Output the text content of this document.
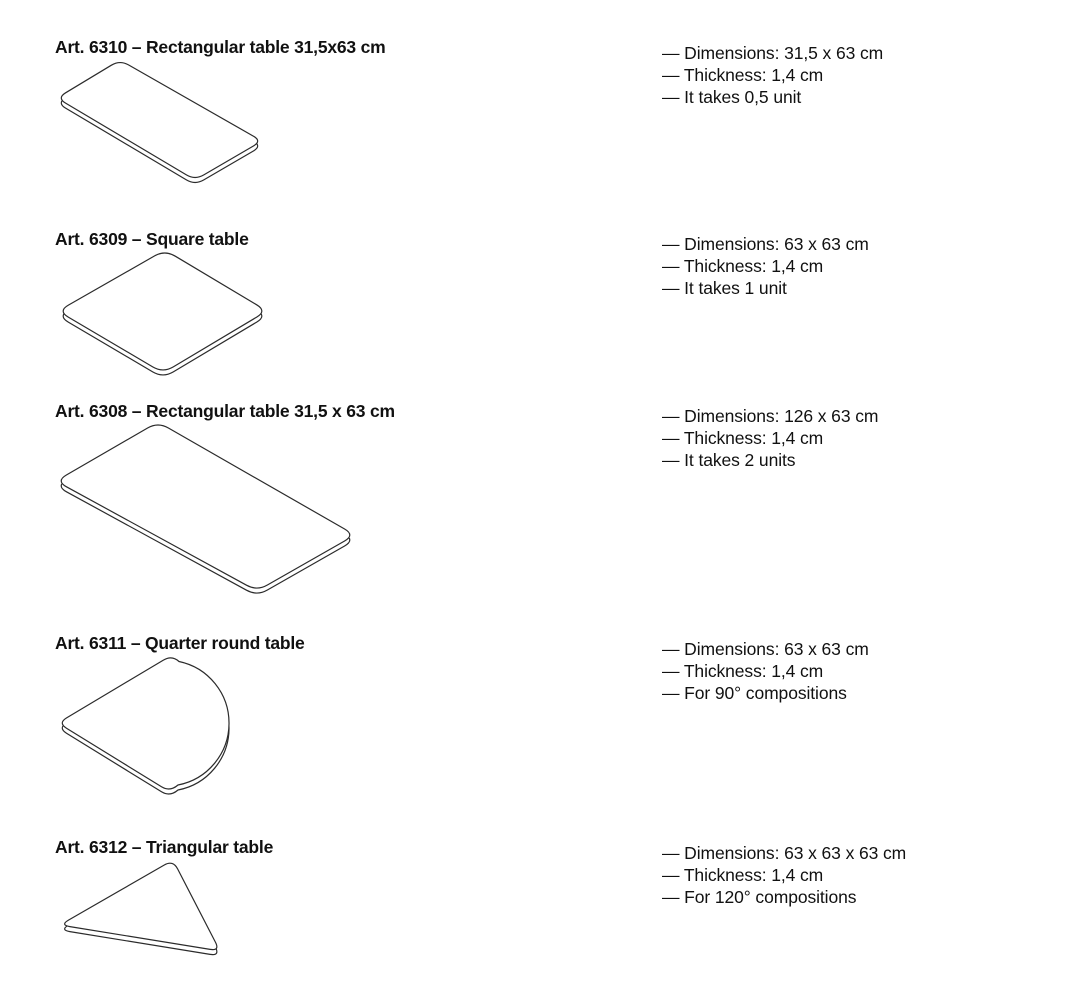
Art. 6310 – Rectangular table 31,5x63 cm	— Dimensions: 31,5 x 63 cm
— Thickness: 1,4 cm
— It takes 0,5 unit
Art. 6309 – Square table	— Dimensions: 63 x 63 cm
— Thickness: 1,4 cm
— It takes 1 unit
Art. 6308 – Rectangular table 31,5 x 63 cm	— Dimensions: 126 x 63 cm
— Thickness: 1,4 cm
— It takes 2 units
Art. 6311 – Quarter round table	— Dimensions: 63 x 63 cm
— Thickness: 1,4 cm
— For 90° compositions
Art. 6312 – Triangular table	— Dimensions: 63 x 63 x 63 cm
— Thickness: 1,4 cm
— For 120° compositions
